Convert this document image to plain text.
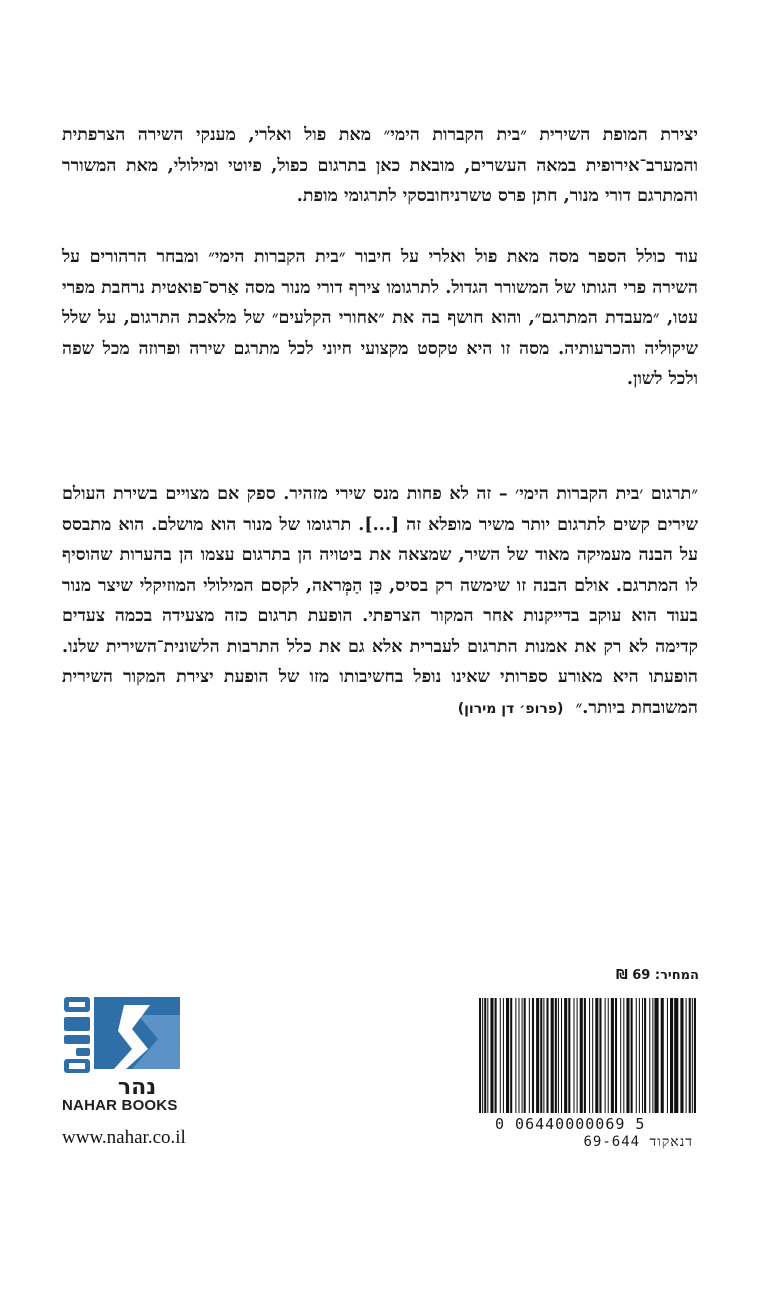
יצירת המופת השירית ״בית הקברות הימי״ מאת פול ואלרי, מענקי השירה הצרפתית והמערב־אירופית במאה העשרים, מובאת כאן בתרגום כפול, פיוטי ומילולי, מאת המשורר והמתרגם דורי מנור, חתן פרס טשרניחובסקי לתרגומי מופת.

עוד כולל הספר מסה מאת פול ואלרי על חיבור ״בית הקברות הימי״ ומבחר הרהורים על השירה פרי הגותו של המשורר הגדול. לתרגומו צירף דורי מנור מסה אַרס־פואטית נרחבת מפרי עטו, ״מעבדת המתרגם״, והוא חושף בה את ״אחורי הקלעים״ של מלאכת התרגום, על שלל שיקוליה והכרעותיה. מסה זו היא טקסט מקצועי חיוני לכל מתרגם שירה ופרוזה מכל שפה ולכל לשון.

״תרגום ׳בית הקברות הימי׳ – זה לא פחות מנס שירי מזהיר. ספק אם מצויים בשירת העולם שירים קשים לתרגום יותר משיר מופלא זה [...]. תרגומו של מנור הוא מושלם. הוא מתבסס על הבנה מעמיקה מאוד של השיר, שמצאה את ביטויה הן בתרגום עצמו הן בהערות שהוסיף לו המתרגם. אולם הבנה זו שימשה רק בסיס, כַּן הַמְּראה, לקסם המילולי המוזיקלי שיצר מנור בעוד הוא עוקב בדייקנות אחר המקור הצרפתי. הופעת תרגום כזה מצעידה בכמה צעדים קדימה לא רק את אמנות התרגום לעברית אלא גם את כלל התרבות הלשונית־השירית שלנו. הופעתו היא מאורע ספרותי שאינו נופל בחשיבותו מזו של הופעת יצירת המקור השירית המשובחת ביותר.״  (פרופ׳ דן מירון)

המחיר: 69 ₪
0 06440000069 5
דנאקוד 69-644
נהר
NAHAR BOOKS
www.nahar.co.il
